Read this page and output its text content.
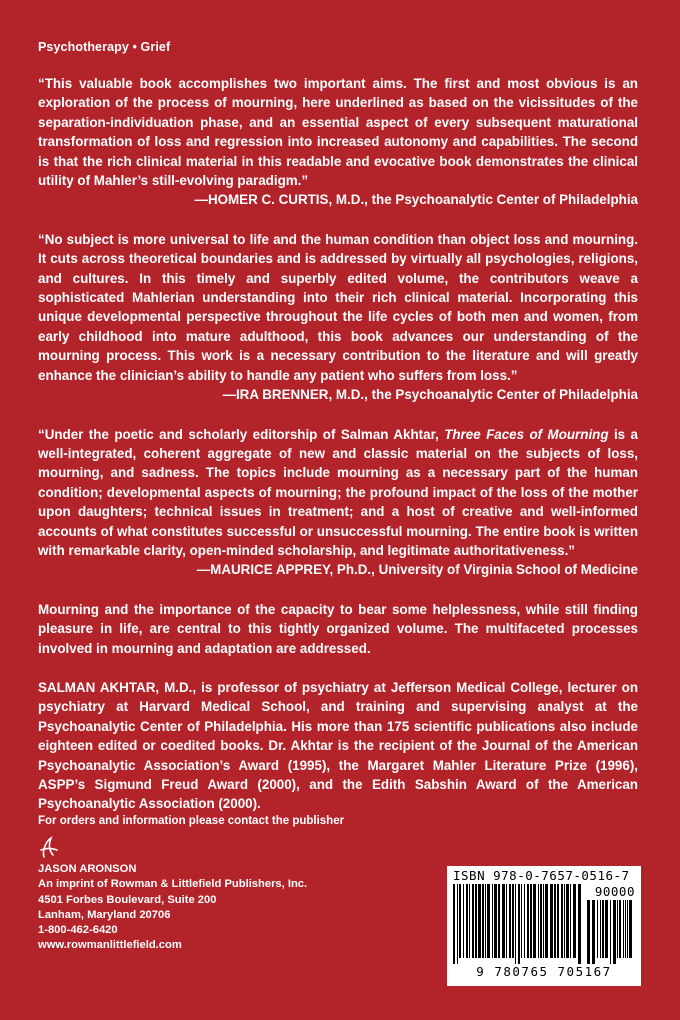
Psychotherapy • Grief

“This valuable book accomplishes two important aims. The first and most obvious is an exploration of the process of mourning, here underlined as based on the vicissitudes of the separation-individuation phase, and an essential aspect of every subsequent maturational transformation of loss and regression into increased autonomy and capabilities. The second is that the rich clinical material in this readable and evocative book demonstrates the clinical utility of Mahler’s still-evolving paradigm.”

—HOMER C. CURTIS, M.D., the Psychoanalytic Center of Philadelphia

“No subject is more universal to life and the human condition than object loss and mourning. It cuts across theoretical boundaries and is addressed by virtually all psychologies, religions, and cultures. In this timely and superbly edited volume, the contributors weave a sophisticated Mahlerian understanding into their rich clinical material. Incorporating this unique developmental perspective throughout the life cycles of both men and women, from early childhood into mature adulthood, this book advances our understanding of the mourning process. This work is a necessary contribution to the literature and will greatly enhance the clinician’s ability to handle any patient who suffers from loss.”

—IRA BRENNER, M.D., the Psychoanalytic Center of Philadelphia

“Under the poetic and scholarly editorship of Salman Akhtar, Three Faces of Mourning is a well-integrated, coherent aggregate of new and classic material on the subjects of loss, mourning, and sadness. The topics include mourning as a necessary part of the human condition; developmental aspects of mourning; the profound impact of the loss of the mother upon daughters; technical issues in treatment; and a host of creative and well-informed accounts of what constitutes successful or unsuccessful mourning. The entire book is written with remarkable clarity, open-minded scholarship, and legitimate authoritativeness.”

—MAURICE APPREY, Ph.D., University of Virginia School of Medicine

Mourning and the importance of the capacity to bear some helplessness, while still finding pleasure in life, are central to this tightly organized volume. The multifaceted processes involved in mourning and adaptation are addressed.

SALMAN AKHTAR, M.D., is professor of psychiatry at Jefferson Medical College, lecturer on psychiatry at Harvard Medical School, and training and supervising analyst at the Psychoanalytic Center of Philadelphia. His more than 175 scientific publications also include eighteen edited or coedited books. Dr. Akhtar is the recipient of the Journal of the American Psychoanalytic Association’s Award (1995), the Margaret Mahler Literature Prize (1996), ASPP’s Sigmund Freud Award (2000), and the Edith Sabshin Award of the American Psychoanalytic Association (2000).

For orders and information please contact the publisher
JASON ARONSON
An imprint of Rowman & Littlefield Publishers, Inc.
4501 Forbes Boulevard, Suite 200
Lanham, Maryland 20706
1-800-462-6420
www.rowmanlittlefield.com
ISBN 978-0-7657-0516-7
90000
9 780765 705167
